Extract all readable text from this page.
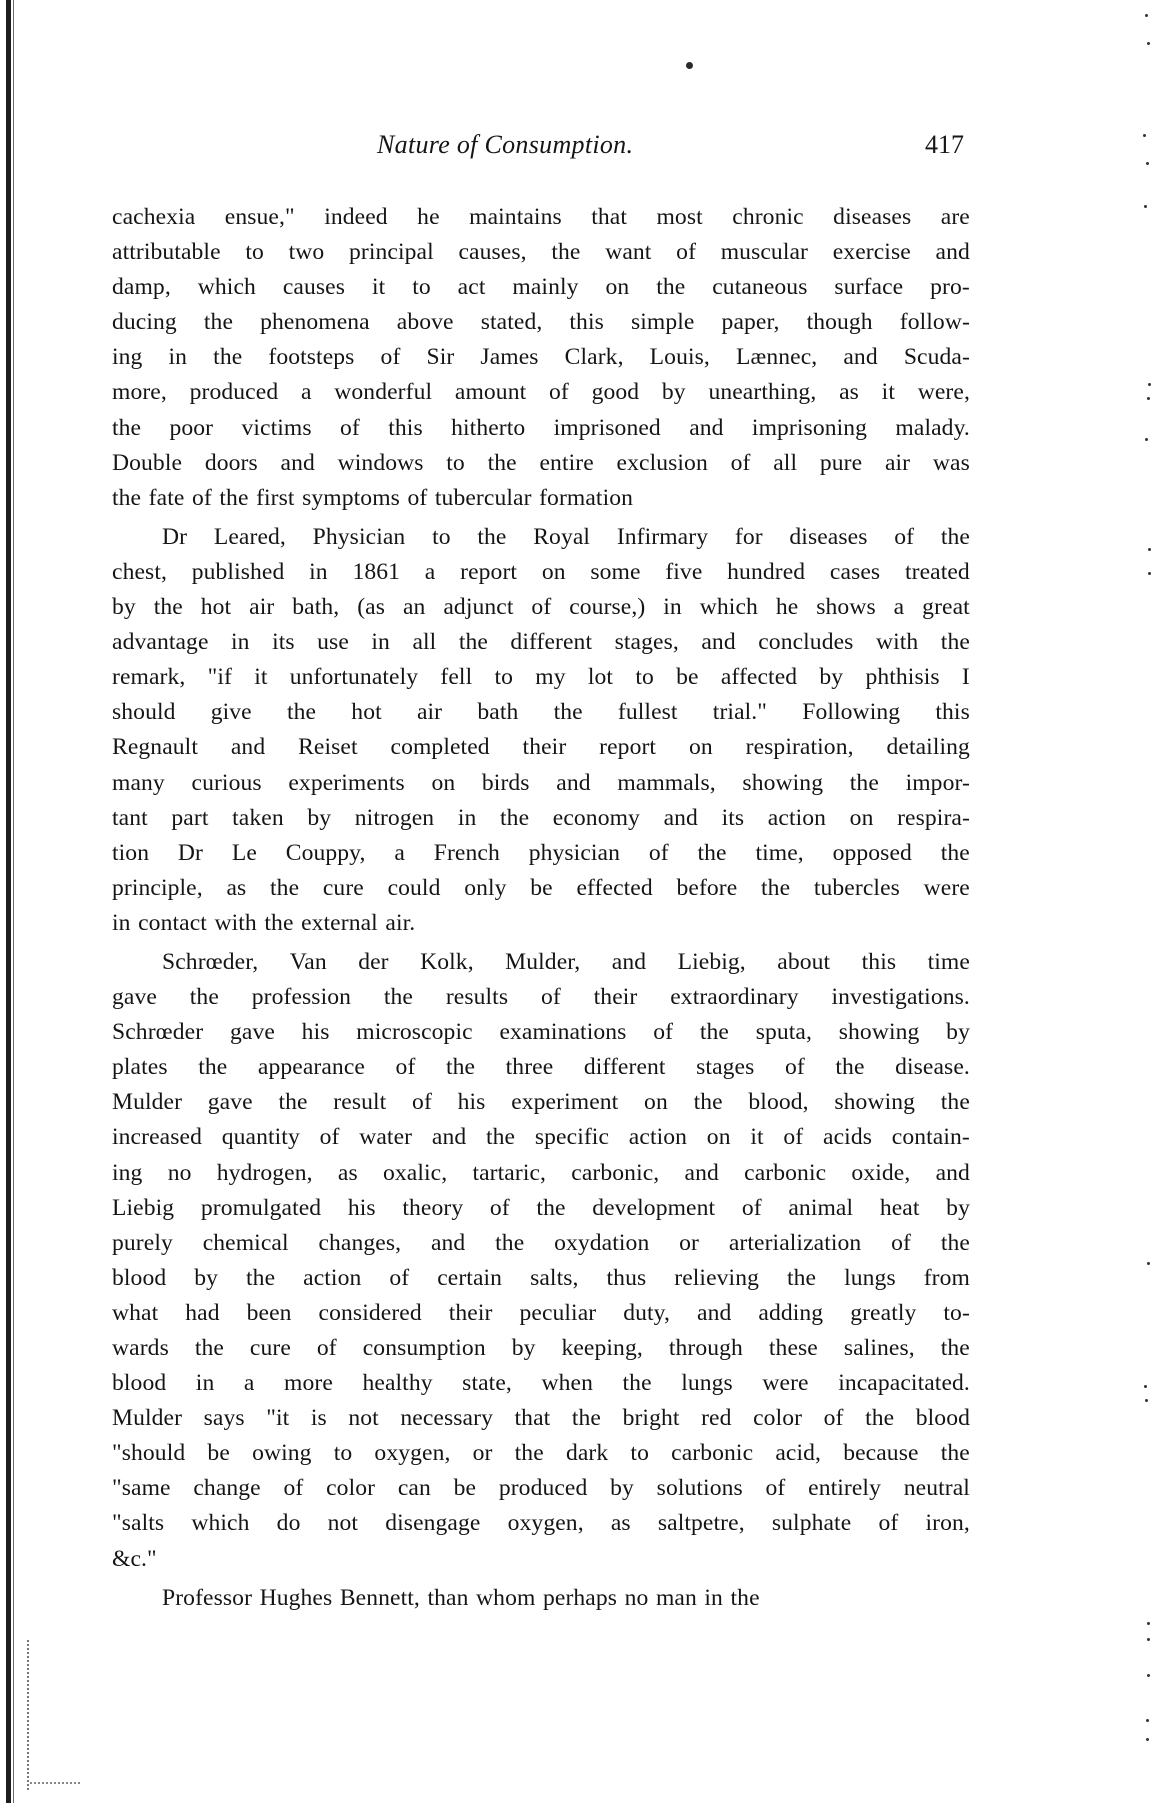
Nature of Consumption.	417
cachexia ensue," indeed he maintains that most chronic diseases are
attributable to two principal causes, the want of muscular exercise and
damp, which causes it to act mainly on the cutaneous surface pro-
ducing the phenomena above stated, this simple paper, though follow-
ing in the footsteps of Sir James Clark, Louis, Lænnec, and Scuda-
more, produced a wonderful amount of good by unearthing, as it were,
the poor victims of this hitherto imprisoned and imprisoning malady.
Double doors and windows to the entire exclusion of all pure air was
the fate of the first symptoms of tubercular formation
Dr Leared, Physician to the Royal Infirmary for diseases of the
chest, published in 1861 a report on some five hundred cases treated
by the hot air bath, (as an adjunct of course,) in which he shows a great
advantage in its use in all the different stages, and concludes with the
remark, "if it unfortunately fell to my lot to be affected by phthisis I
should give the hot air bath the fullest trial." Following this
Regnault and Reiset completed their report on respiration, detailing
many curious experiments on birds and mammals, showing the impor-
tant part taken by nitrogen in the economy and its action on respira-
tion Dr Le Couppy, a French physician of the time, opposed the
principle, as the cure could only be effected before the tubercles were
in contact with the external air.
Schrœder, Van der Kolk, Mulder, and Liebig, about this time
gave the profession the results of their extraordinary investigations.
Schrœder gave his microscopic examinations of the sputa, showing by
plates the appearance of the three different stages of the disease.
Mulder gave the result of his experiment on the blood, showing the
increased quantity of water and the specific action on it of acids contain-
ing no hydrogen, as oxalic, tartaric, carbonic, and carbonic oxide, and
Liebig promulgated his theory of the development of animal heat by
purely chemical changes, and the oxydation or arterialization of the
blood by the action of certain salts, thus relieving the lungs from
what had been considered their peculiar duty, and adding greatly to-
wards the cure of consumption by keeping, through these salines, the
blood in a more healthy state, when the lungs were incapacitated.
Mulder says "it is not necessary that the bright red color of the blood
"should be owing to oxygen, or the dark to carbonic acid, because the
"same change of color can be produced by solutions of entirely neutral
"salts which do not disengage oxygen, as saltpetre, sulphate of iron,
&c."
Professor Hughes Bennett, than whom perhaps no man in the
